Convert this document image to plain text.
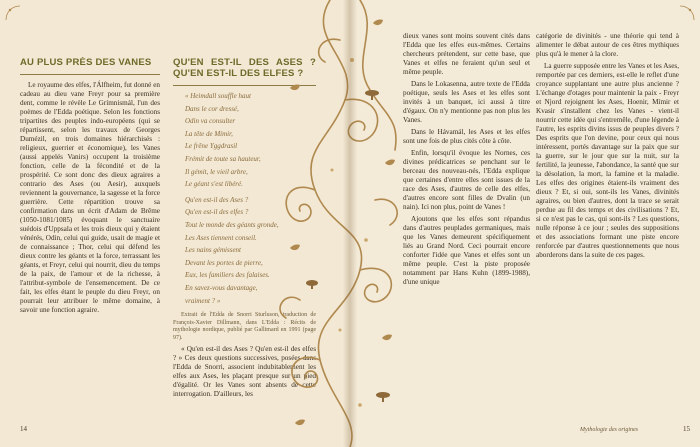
AU PLUS PRÈS DES VANES

Le royaume des elfes, l'Álfheim, fut donné en cadeau au dieu vane Freyr pour sa première dent, comme le révèle Le Grímnismál, l'un des poèmes de l'Edda poétique. Selon les fonctions tripartites des peuples indo-européens (qui se répartissent, selon les travaux de Georges Dumézil, en trois domaines hiérarchisés : religieux, guerrier et économique), les Vanes (aussi appelés Vanirs) occupent la troisième fonction, celle de la fécondité et de la prospérité. Ce sont donc des dieux agraires a contrario des Ases (ou Aesir), auxquels reviennent la gouvernance, la sagesse et la force guerrière. Cette répartition trouve sa confirmation dans un écrit d'Adam de Brême (1050-1081/1085) évoquant le sanctuaire suédois d'Uppsala et les trois dieux qui y étaient vénérés, Odin, celui qui guide, usait de magie et de connaissance ; Thor, celui qui défend les dieux contre les géants et la force, terrassant les géants, et Freyr, celui qui nourrit, dieu du temps de la paix, de l'amour et de la richesse, à l'attribut-symbole de l'ensemencement. De ce fait, les elfes étant le peuple du dieu Freyr, on pourrait leur attribuer le même domaine, à savoir une fonction agraire.

QU'EN EST-IL DES ASES ? QU'EN EST-IL DES ELFES ?

« Heimdall souffle haut

Dans le cor dressé,

Odin va consulter

La tête de Mímir,

Le frêne Yggdrasil

Frémit de toute sa hauteur,

Il gémit, le vieil arbre,

Le géant s'est libéré.

Qu'en est-il des Ases ?

Qu'en est-il des elfes ?

Tout le monde des géants gronde,

Les Ases tiennent conseil.

Les nains gémissent

Devant les portes de pierre,

Eux, les familiers des falaises.

En savez-vous davantage,

vraiment ? »

Extrait de l'Edda de Snorri Sturluson, traduction de François-Xavier Dillmann, dans L'Edda : Récits de mythologie nordique, publié par Gallimard en 1991 (page 97).

« Qu'en est-il des Ases ? Qu'en est-il des elfes ? » Ces deux questions successives, posées dans l'Edda de Snorri, associent indubitablement les elfes aux Ases, les plaçant presque sur un pied d'égalité. Or les Vanes sont absents de cette interrogation. D'ailleurs, les

14

dieux vanes sont moins souvent cités dans l'Edda que les elfes eux-mêmes. Certains chercheurs prétendent, sur cette base, que Vanes et elfes ne feraient qu'un seul et même peuple.

Dans le Lokasenna, autre texte de l'Edda poétique, seuls les Ases et les elfes sont invités à un banquet, ici aussi à titre d'égaux. On n'y mentionne pas non plus les Vanes.

Dans le Hávamál, les Ases et les elfes sont une fois de plus cités côte à côte.

Enfin, lorsqu'il évoque les Nornes, ces divines prédicatrices se penchant sur le berceau des nouveau-nés, l'Edda explique que certaines d'entre elles sont issues de la race des Ases, d'autres de celle des elfes, d'autres encore sont filles de Dvalin (un nain). Ici non plus, point de Vanes !

Ajoutons que les elfes sont répandus dans d'autres peuplades germaniques, mais que les Vanes demeurent spécifiquement liés au Grand Nord. Ceci pourrait encore conforter l'idée que Vanes et elfes sont un même peuple. C'est la piste proposée notamment par Hans Kuhn (1899-1988), d'une unique

catégorie de divinités - une théorie qui tend à alimenter le débat autour de ces êtres mythiques plus qu'à le mener à la clore.

La guerre supposée entre les Vanes et les Ases, remportée par ces derniers, est-elle le reflet d'une croyance supplantant une autre plus ancienne ? L'échange d'otages pour maintenir la paix - Freyr et Njord rejoignent les Ases, Hoenir, Mímir et Kvasir s'installent chez les Vanes - vient-il nourrir cette idée qui s'entremêle, d'une légende à l'autre, les esprits divins issus de peuples divers ? Des esprits que l'on devine, pour ceux qui nous intéressent, portés davantage sur la paix que sur la guerre, sur le jour que sur la nuit, sur la fertilité, la jeunesse, l'abondance, la santé que sur la désolation, la mort, la famine et la maladie. Les elfes des origines étaient-ils vraiment des dieux ? Et, si oui, sont-ils les Vanes, divinités agraires, ou bien d'autres, dont la trace se serait perdue au fil des temps et des civilisations ? Et, si ce n'est pas le cas, qui sont-ils ? Les questions, nulle réponse à ce jour ; seules des suppositions et des associations formant une piste encore renforcée par d'autres questionnements que nous aborderons dans la suite de ces pages.

Mythologie des origines	15
